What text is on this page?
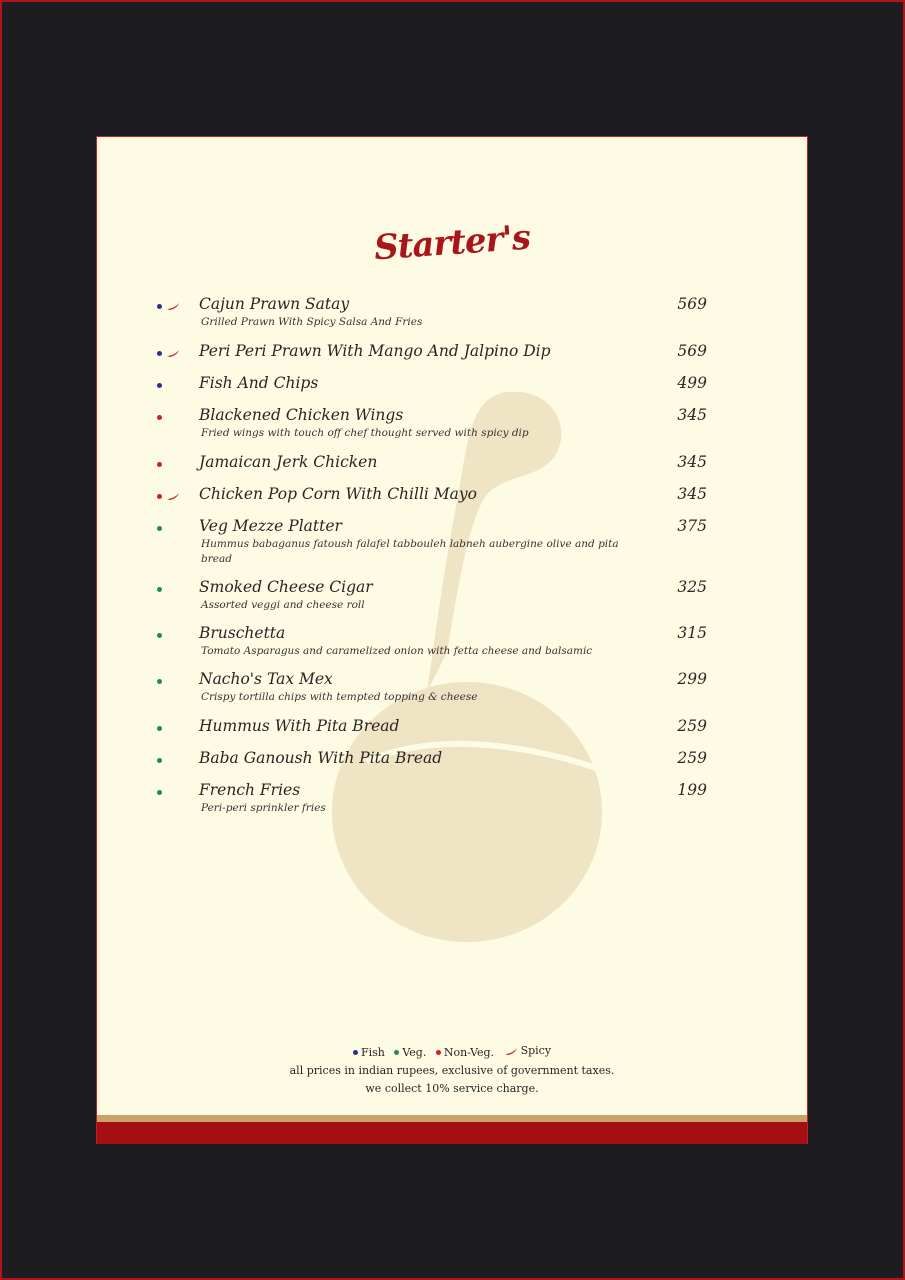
Starter's
Cajun Prawn Satay
Grilled Prawn With Spicy Salsa And Fries
569
Peri Peri Prawn With Mango And Jalpino Dip	569
Fish And Chips	499
Blackened Chicken Wings
Fried wings with touch off chef thought served with spicy dip
345
Jamaican Jerk Chicken	345
Chicken Pop Corn With Chilli Mayo	345
Veg Mezze Platter
Hummus babaganus fatoush falafel tabbouleh labneh aubergine olive and pita bread
375
Smoked Cheese Cigar
Assorted veggi and cheese roll
325
Bruschetta
Tomato Asparagus and caramelized onion with fetta cheese and balsamic
315
Nacho's Tax Mex
Crispy tortilla chips with tempted topping & cheese
299
Hummus With Pita Bread	259
Baba Ganoush With Pita Bread	259
French Fries
Peri-peri sprinkler fries
199
Fish
Veg.
Non-Veg.
Spicy
all prices in indian rupees, exclusive of government taxes.
we collect 10% service charge.
